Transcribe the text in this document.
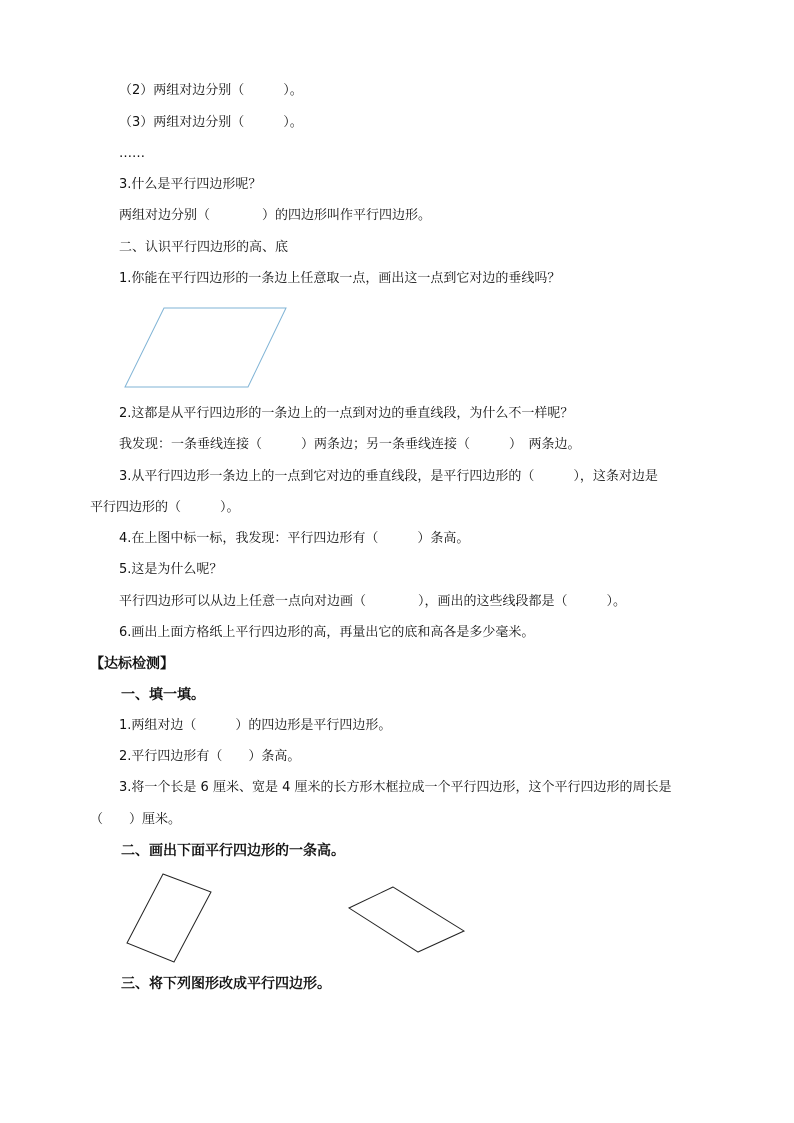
（2）两组对边分别（　　　）。
（3）两组对边分别（　　　）。
……
3.什么是平行四边形呢？
两组对边分别（　　　　）的四边形叫作平行四边形。
二、认识平行四边形的高、底
1.你能在平行四边形的一条边上任意取一点，画出这一点到它对边的垂线吗？
2.这都是从平行四边形的一条边上的一点到对边的垂直线段，为什么不一样呢？
我发现：一条垂线连接（　　　）两条边；另一条垂线连接（　　　）　两条边。
3.从平行四边形一条边上的一点到它对边的垂直线段，是平行四边形的（　　　），这条对边是
平行四边形的（　　　）。
4.在上图中标一标，我发现：平行四边形有（　　　）条高。
5.这是为什么呢？
平行四边形可以从边上任意一点向对边画（　　　　），画出的这些线段都是（　　　）。
6.画出上面方格纸上平行四边形的高，再量出它的底和高各是多少毫米。
【达标检测】
一、填一填。
1.两组对边（　　　）的四边形是平行四边形。
2.平行四边形有（　　）条高。
3.将一个长是 6 厘米、宽是 4 厘米的长方形木框拉成一个平行四边形，这个平行四边形的周长是
（　　）厘米。
二、画出下面平行四边形的一条高。
三、将下列图形改成平行四边形。
